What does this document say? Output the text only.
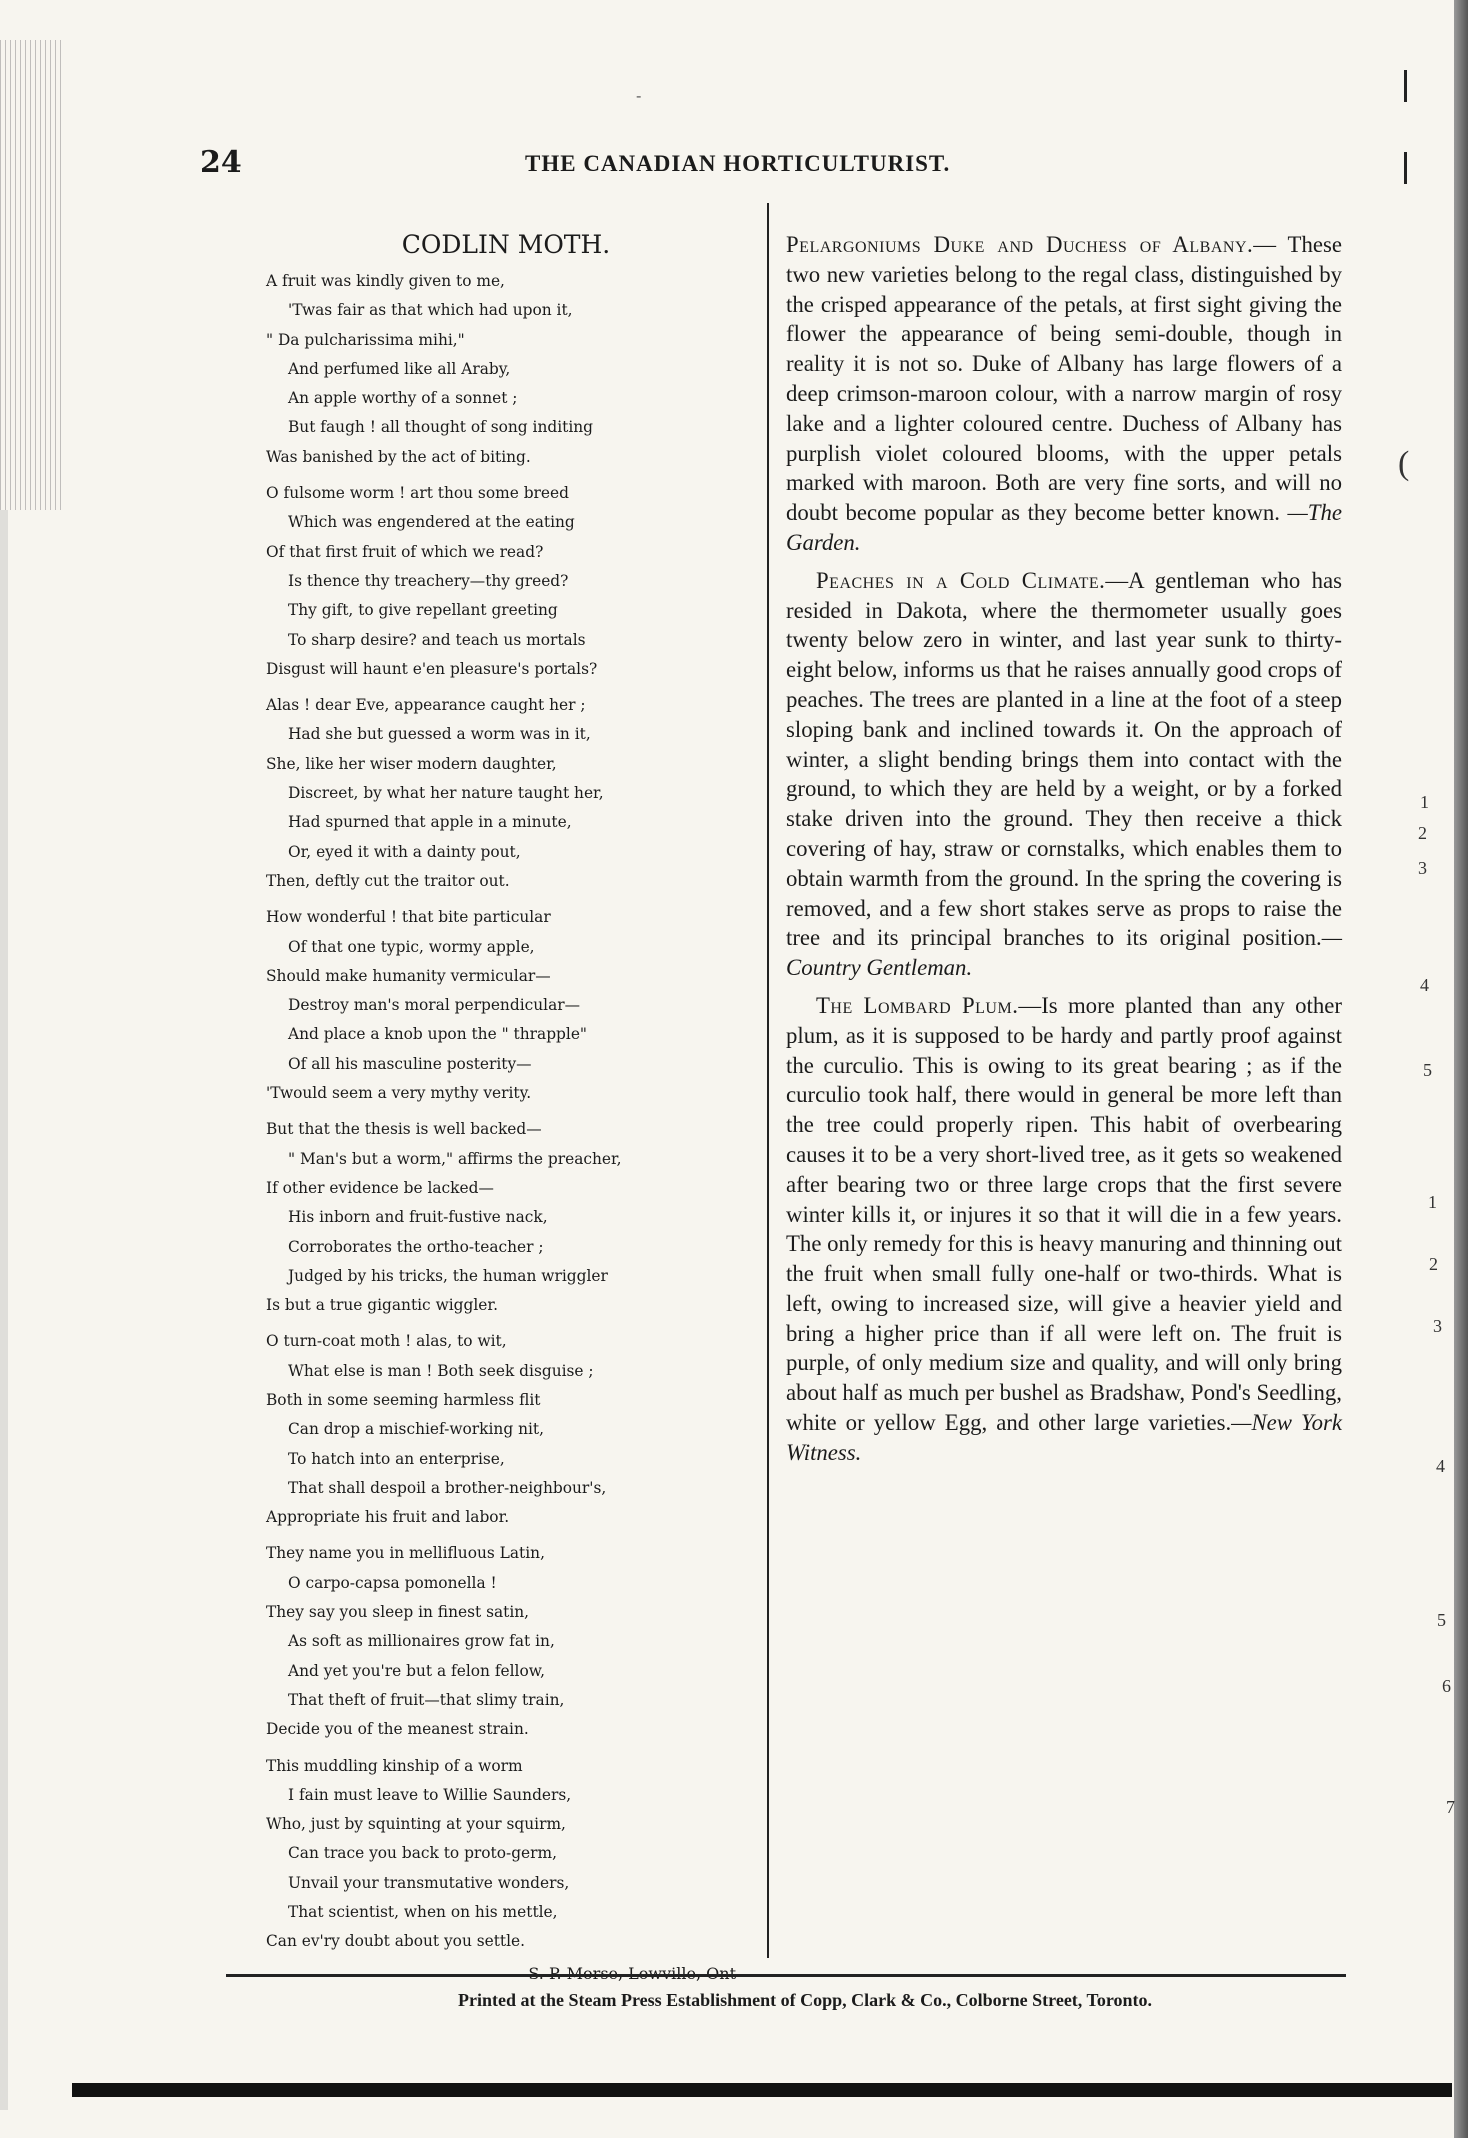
-
24	THE CANADIAN HORTICULTURIST.
CODLIN MOTH.
A fruit was kindly given to me,
'Twas fair as that which had upon it,
" Da pulcharissima mihi,"
And perfumed like all Araby,
An apple worthy of a sonnet ;
But faugh ! all thought of song inditing
Was banished by the act of biting.
O fulsome worm ! art thou some breed
Which was engendered at the eating
Of that first fruit of which we read?
Is thence thy treachery—thy greed?
Thy gift, to give repellant greeting
To sharp desire? and teach us mortals
Disgust will haunt e'en pleasure's portals?
Alas ! dear Eve, appearance caught her ;
Had she but guessed a worm was in it,
She, like her wiser modern daughter,
Discreet, by what her nature taught her,
Had spurned that apple in a minute,
Or, eyed it with a dainty pout,
Then, deftly cut the traitor out.
How wonderful ! that bite particular
Of that one typic, wormy apple,
Should make humanity vermicular—
Destroy man's moral perpendicular—
And place a knob upon the " thrapple"
Of all his masculine posterity—
'Twould seem a very mythy verity.
But that the thesis is well backed—
" Man's but a worm," affirms the preacher,
If other evidence be lacked—
His inborn and fruit-fustive nack,
Corroborates the ortho-teacher ;
Judged by his tricks, the human wriggler
Is but a true gigantic wiggler.
O turn-coat moth ! alas, to wit,
What else is man ! Both seek disguise ;
Both in some seeming harmless flit
Can drop a mischief-working nit,
To hatch into an enterprise,
That shall despoil a brother-neighbour's,
Appropriate his fruit and labor.
They name you in mellifluous Latin,
O carpo-capsa pomonella !
They say you sleep in finest satin,
As soft as millionaires grow fat in,
And yet you're but a felon fellow,
That theft of fruit—that slimy train,
Decide you of the meanest strain.
This muddling kinship of a worm
I fain must leave to Willie Saunders,
Who, just by squinting at your squirm,
Can trace you back to proto-germ,
Unvail your transmutative wonders,
That scientist, when on his mettle,
Can ev'ry doubt about you settle.

Pelargoniums Duke and Duchess of Albany.— These two new varieties belong to the regal class, distinguished by the crisped appearance of the petals, at first sight giving the flower the appearance of being semi-double, though in reality it is not so. Duke of Albany has large flowers of a deep crimson-maroon colour, with a narrow margin of rosy lake and a lighter coloured centre. Duchess of Albany has purplish violet coloured blooms, with the upper petals marked with maroon. Both are very fine sorts, and will no doubt become popular as they become better known. —The Garden.

Peaches in a Cold Climate.—A gentleman who has resided in Dakota, where the thermometer usually goes twenty below zero in winter, and last year sunk to thirty-eight below, informs us that he raises annually good crops of peaches. The trees are planted in a line at the foot of a steep sloping bank and inclined towards it. On the approach of winter, a slight bending brings them into contact with the ground, to which they are held by a weight, or by a forked stake driven into the ground. They then receive a thick covering of hay, straw or cornstalks, which enables them to obtain warmth from the ground. In the spring the covering is removed, and a few short stakes serve as props to raise the tree and its principal branches to its original position.—Country Gentleman.

The Lombard Plum.—Is more planted than any other plum, as it is supposed to be hardy and partly proof against the curculio. This is owing to its great bearing ; as if the curculio took half, there would in general be more left than the tree could properly ripen. This habit of overbearing causes it to be a very short-lived tree, as it gets so weakened after bearing two or three large crops that the first severe winter kills it, or injures it so that it will die in a few years. The only remedy for this is heavy manuring and thinning out the fruit when small fully one-half or two-thirds. What is left, owing to increased size, will give a heavier yield and bring a higher price than if all were left on. The fruit is purple, of only medium size and quality, and will only bring about half as much per bushel as Bradshaw, Pond's Seedling, white or yellow Egg, and other large varieties.—New York Witness.

Printed at the Steam Press Establishment of Copp, Clark & Co., Colborne Street, Toronto.
(
1
2
3
4
5
1
2
3
4
5
6
7
